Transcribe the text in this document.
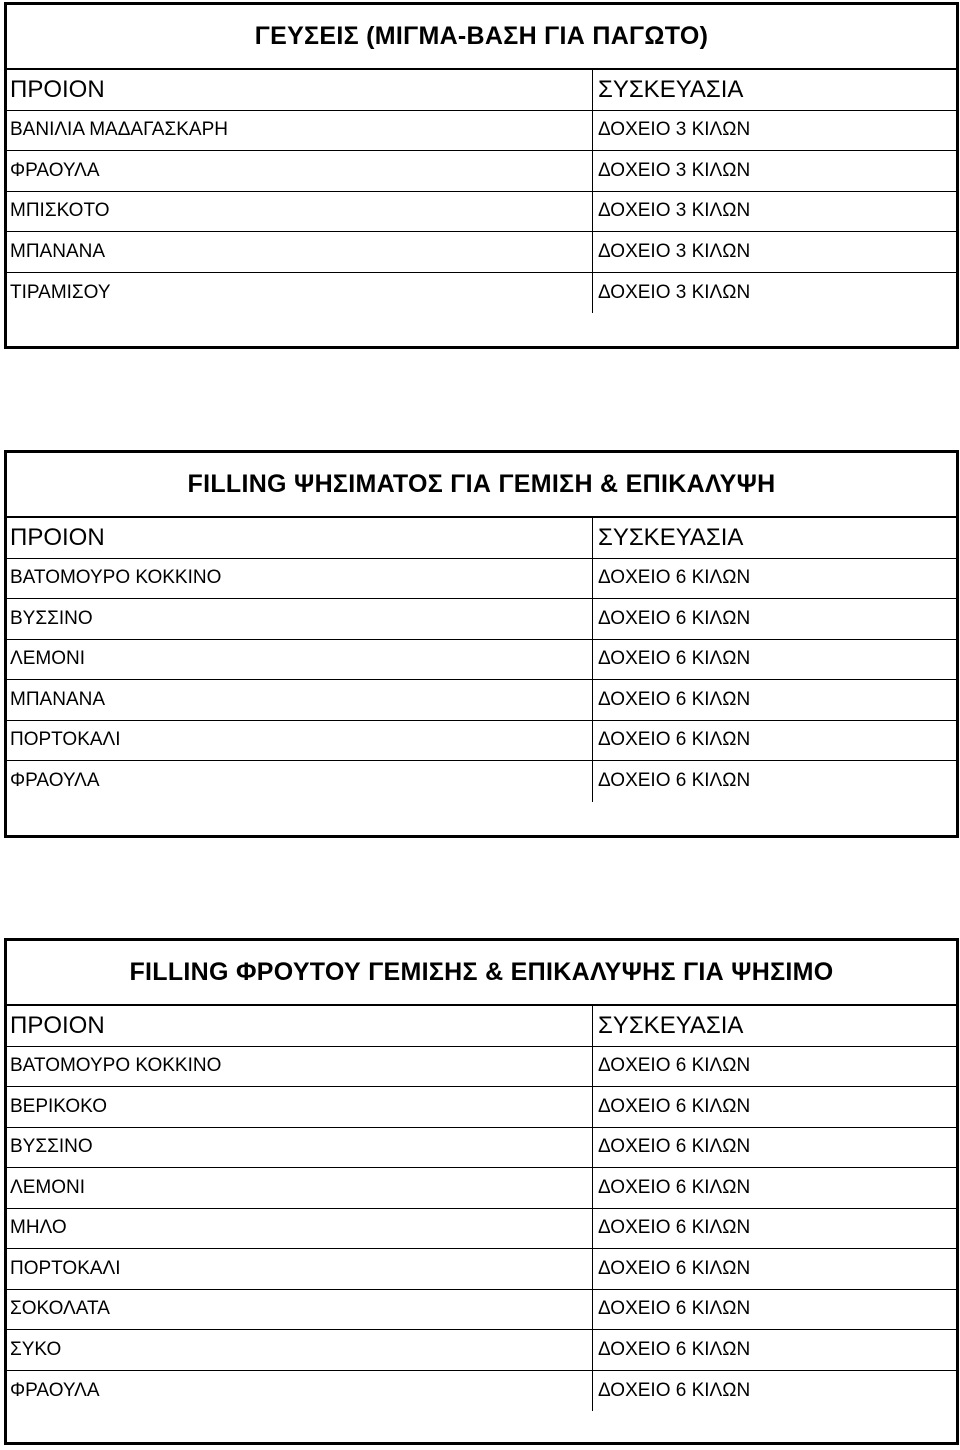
ΓΕΥΣΕΙΣ (ΜΙΓΜΑ-ΒΑΣΗ ΓΙΑ ΠΑΓΩΤΟ)
ΠΡΟΙΟΝ	ΣΥΣΚΕΥΑΣΙΑ
ΒΑΝΙΛΙΑ ΜΑΔΑΓΑΣΚΑΡΗ	ΔΟΧΕΙΟ 3 ΚΙΛΩΝ
ΦΡΑΟΥΛΑ	ΔΟΧΕΙΟ 3 ΚΙΛΩΝ
ΜΠΙΣΚΟΤΟ	ΔΟΧΕΙΟ 3 ΚΙΛΩΝ
ΜΠΑΝΑΝΑ	ΔΟΧΕΙΟ 3 ΚΙΛΩΝ
ΤΙΡΑΜΙΣΟΥ	ΔΟΧΕΙΟ 3 ΚΙΛΩΝ
FILLING ΨΗΣΙΜΑΤΟΣ ΓΙΑ ΓΕΜΙΣΗ & ΕΠΙΚΑΛΥΨΗ
ΠΡΟΙΟΝ	ΣΥΣΚΕΥΑΣΙΑ
ΒΑΤΟΜΟΥΡΟ ΚΟΚΚΙΝΟ	ΔΟΧΕΙΟ 6 ΚΙΛΩΝ
ΒΥΣΣΙΝΟ	ΔΟΧΕΙΟ 6 ΚΙΛΩΝ
ΛΕΜΟΝΙ	ΔΟΧΕΙΟ 6 ΚΙΛΩΝ
ΜΠΑΝΑΝΑ	ΔΟΧΕΙΟ 6 ΚΙΛΩΝ
ΠΟΡΤΟΚΑΛΙ	ΔΟΧΕΙΟ 6 ΚΙΛΩΝ
ΦΡΑΟΥΛΑ	ΔΟΧΕΙΟ 6 ΚΙΛΩΝ
FILLING ΦΡΟΥΤΟΥ ΓΕΜΙΣΗΣ & ΕΠΙΚΑΛΥΨΗΣ ΓΙΑ ΨΗΣΙΜΟ
ΠΡΟΙΟΝ	ΣΥΣΚΕΥΑΣΙΑ
ΒΑΤΟΜΟΥΡΟ ΚΟΚΚΙΝΟ	ΔΟΧΕΙΟ 6 ΚΙΛΩΝ
ΒΕΡΙΚΟΚΟ	ΔΟΧΕΙΟ 6 ΚΙΛΩΝ
ΒΥΣΣΙΝΟ	ΔΟΧΕΙΟ 6 ΚΙΛΩΝ
ΛΕΜΟΝΙ	ΔΟΧΕΙΟ 6 ΚΙΛΩΝ
ΜΗΛΟ	ΔΟΧΕΙΟ 6 ΚΙΛΩΝ
ΠΟΡΤΟΚΑΛΙ	ΔΟΧΕΙΟ 6 ΚΙΛΩΝ
ΣΟΚΟΛΑΤΑ	ΔΟΧΕΙΟ 6 ΚΙΛΩΝ
ΣΥΚΟ	ΔΟΧΕΙΟ 6 ΚΙΛΩΝ
ΦΡΑΟΥΛΑ	ΔΟΧΕΙΟ 6 ΚΙΛΩΝ
